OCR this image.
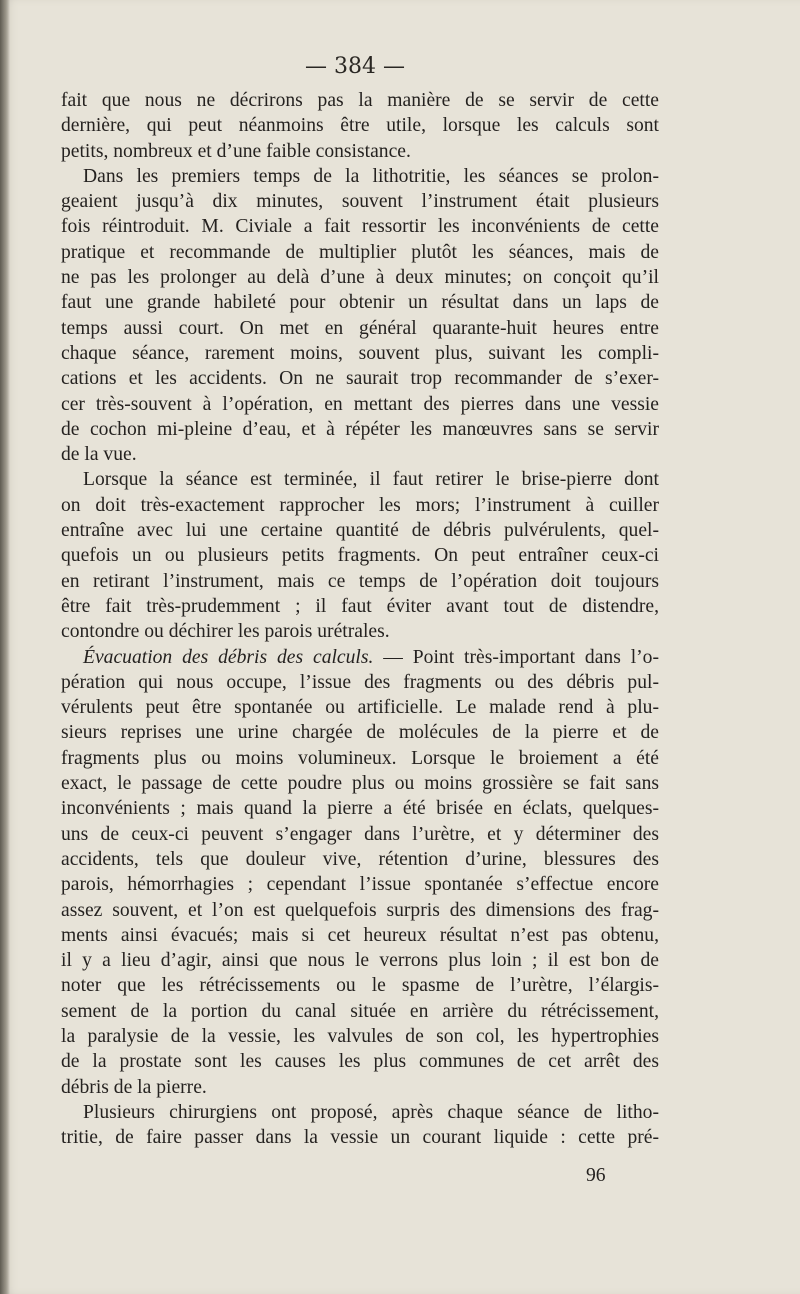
— 384 —
fait que nous ne décrirons pas la manière de se servir de cette
dernière, qui peut néanmoins être utile, lorsque les calculs sont
petits, nombreux et d’une faible consistance.
Dans les premiers temps de la lithotritie, les séances se prolon-
geaient jusqu’à dix minutes, souvent l’instrument était plusieurs
fois réintroduit. M. Civiale a fait ressortir les inconvénients de cette
pratique et recommande de multiplier plutôt les séances, mais de
ne pas les prolonger au delà d’une à deux minutes; on conçoit qu’il
faut une grande habileté pour obtenir un résultat dans un laps de
temps aussi court. On met en général quarante-huit heures entre
chaque séance, rarement moins, souvent plus, suivant les compli-
cations et les accidents. On ne saurait trop recommander de s’exer-
cer très-souvent à l’opération, en mettant des pierres dans une vessie
de cochon mi-pleine d’eau, et à répéter les manœuvres sans se servir
de la vue.
Lorsque la séance est terminée, il faut retirer le brise-pierre dont
on doit très-exactement rapprocher les mors; l’instrument à cuiller
entraîne avec lui une certaine quantité de débris pulvérulents, quel-
quefois un ou plusieurs petits fragments. On peut entraîner ceux-ci
en retirant l’instrument, mais ce temps de l’opération doit toujours
être fait très-prudemment ; il faut éviter avant tout de distendre,
contondre ou déchirer les parois urétrales.
Évacuation des débris des calculs. — Point très-important dans l’o-
pération qui nous occupe, l’issue des fragments ou des débris pul-
vérulents peut être spontanée ou artificielle. Le malade rend à plu-
sieurs reprises une urine chargée de molécules de la pierre et de
fragments plus ou moins volumineux. Lorsque le broiement a été
exact, le passage de cette poudre plus ou moins grossière se fait sans
inconvénients ; mais quand la pierre a été brisée en éclats, quelques-
uns de ceux-ci peuvent s’engager dans l’urètre, et y déterminer des
accidents, tels que douleur vive, rétention d’urine, blessures des
parois, hémorrhagies ; cependant l’issue spontanée s’effectue encore
assez souvent, et l’on est quelquefois surpris des dimensions des frag-
ments ainsi évacués; mais si cet heureux résultat n’est pas obtenu,
il y a lieu d’agir, ainsi que nous le verrons plus loin ; il est bon de
noter que les rétrécissements ou le spasme de l’urètre, l’élargis-
sement de la portion du canal située en arrière du rétrécissement,
la paralysie de la vessie, les valvules de son col, les hypertrophies
de la prostate sont les causes les plus communes de cet arrêt des
débris de la pierre.
Plusieurs chirurgiens ont proposé, après chaque séance de litho-
tritie, de faire passer dans la vessie un courant liquide : cette pré-
96
